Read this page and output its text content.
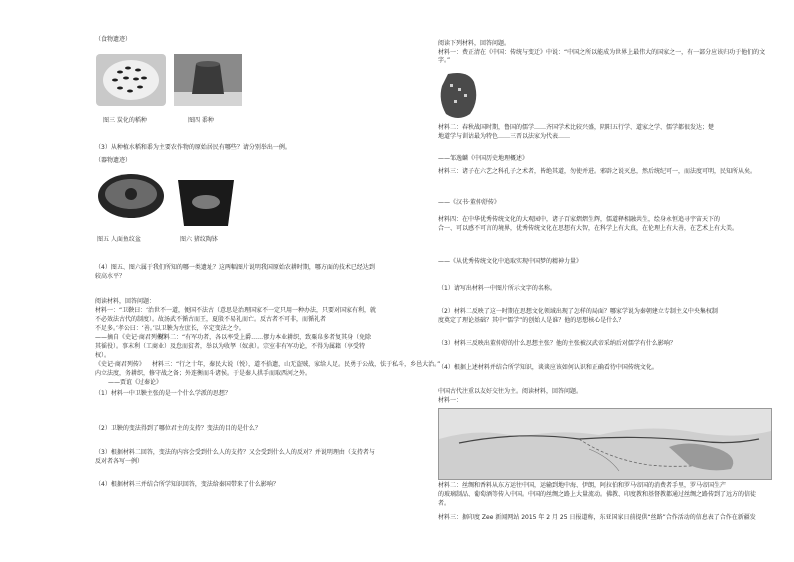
（食物遗迹）
图三 炭化的稻种	图四 黍种
（3）从种植水稻和黍为主要农作物的原始居民有哪些？请分别举出一例。
（器物遗迹）
图五 人面鱼纹盆	图六 猪纹陶钵
（4）图五、图六属于我们所知的哪一类遗址？这两幅图片说明我国原始农耕时期，哪方面的技术已经达到
较高水平？
阅读材料，回答问题：
材料一：“卫鞅曰：‘治世不一道，便国不法古（意思是治理国家不一定只用一种办法，只要对国家有利，就
不必效法古代的制度）。故汤武不循古而王，夏殷不易礼而亡。反古者不可非，而循礼者
不足多。’孝公曰：‘善。’以卫鞅为左庶长，卒定变法之令。
——摘自《史记·商君列传》
材料二：“有军功者，各以率受上爵……僇力本业耕织，致粟帛多者复其身（免除
其徭役）。事末利（工商业）及怠而贫者，举以为收孥（奴隶）。宗室非有军功论，不得为属籍（享受特
权）。
《史记·商君列传》 材料三：“行之十年，秦民大说（悦），道不拾遗，山无盗贼，家给人足。民勇于公战，怯于私斗，乡邑大治。”
内立法度，务耕织，修守战之备；外连衡而斗诸侯。于是秦人拱手而取西河之外。
——贾谊《过秦论》
（1）材料一中卫鞅主张的是一个什么学派的思想？
（2）卫鞅的变法得到了哪位君主的支持？变法的目的是什么？
（3）根据材料二回答，变法的内容会受到什么人的支持？又会受到什么人的反对？并说明理由（支持者与
反对者各写一例）
（4）根据材料三并结合所学知识回答，变法给秦国带来了什么影响？
阅读下列材料，回答问题。
材料一：费正清在《中国：传统与变迁》中说：“中国之所以能成为世界上最伟大的国家之一，有一部分应该归功于他们的文字。”
材料二：春秋战国时期，鲁国的儒学……齐国学术比较兴盛，阴阳五行学、道家之学、儒学都很发达；楚
地道学与训诂最为特色……三晋以法家为代表……
——邹逸麟《中国历史地理概述》
材料三：诸子在六艺之科孔子之术者，皆绝其道，勿使并进。邪辟之说灭息，然后统纪可一，而法度可明，民知所从矣。
——《汉书·董仲舒传》
材料四：在中华优秀传统文化的大观园中，诸子百家熠熠生辉，儒道释相融共生，绘身永恒追寻宇宙天下的
合一、可以感不可言的境界，优秀传统文化在思想有大智，在科学上有大真，在伦理上有大善，在艺术上有大美。
——《从优秀传统文化中追取实现中国梦的精神力量》
（1）请写出材料一中图片所示文字的名称。
（2）材料二反映了这一时期在思想文化领域出现了怎样的局面？哪家学说为秦朝建立专制主义中央集权制
度奠定了理论基础？其中“儒学”的创始人是谁？他的思想核心是什么？
（3）材料三反映出董仲舒的什么思想主张？他的主张被汉武帝采纳后对儒学有什么影响？
（4）根据上述材料并结合所学知识，谈谈应该如何认识和正确看待中国传统文化。
中国古代注重以友好交往为主。阅读材料，回答问题。
材料一：
材料二：丝绸和香料从东方运往中国，运输到地中海、伊朗，阿拉伯和罗马帝国的消费者手里，罗马帝国生产
的玻璃制品、葡萄酒等传入中国。中国的丝绸之路上大量流动。佛教、印度教和基督教都通过丝绸之路传到了远方的信徒
者。
材料三：据印度 Zee 新闻网站 2015 年 2 月 25 日报道称，东亚国家日前提供“丝路”合作活动的信息表了合作在新疆发
